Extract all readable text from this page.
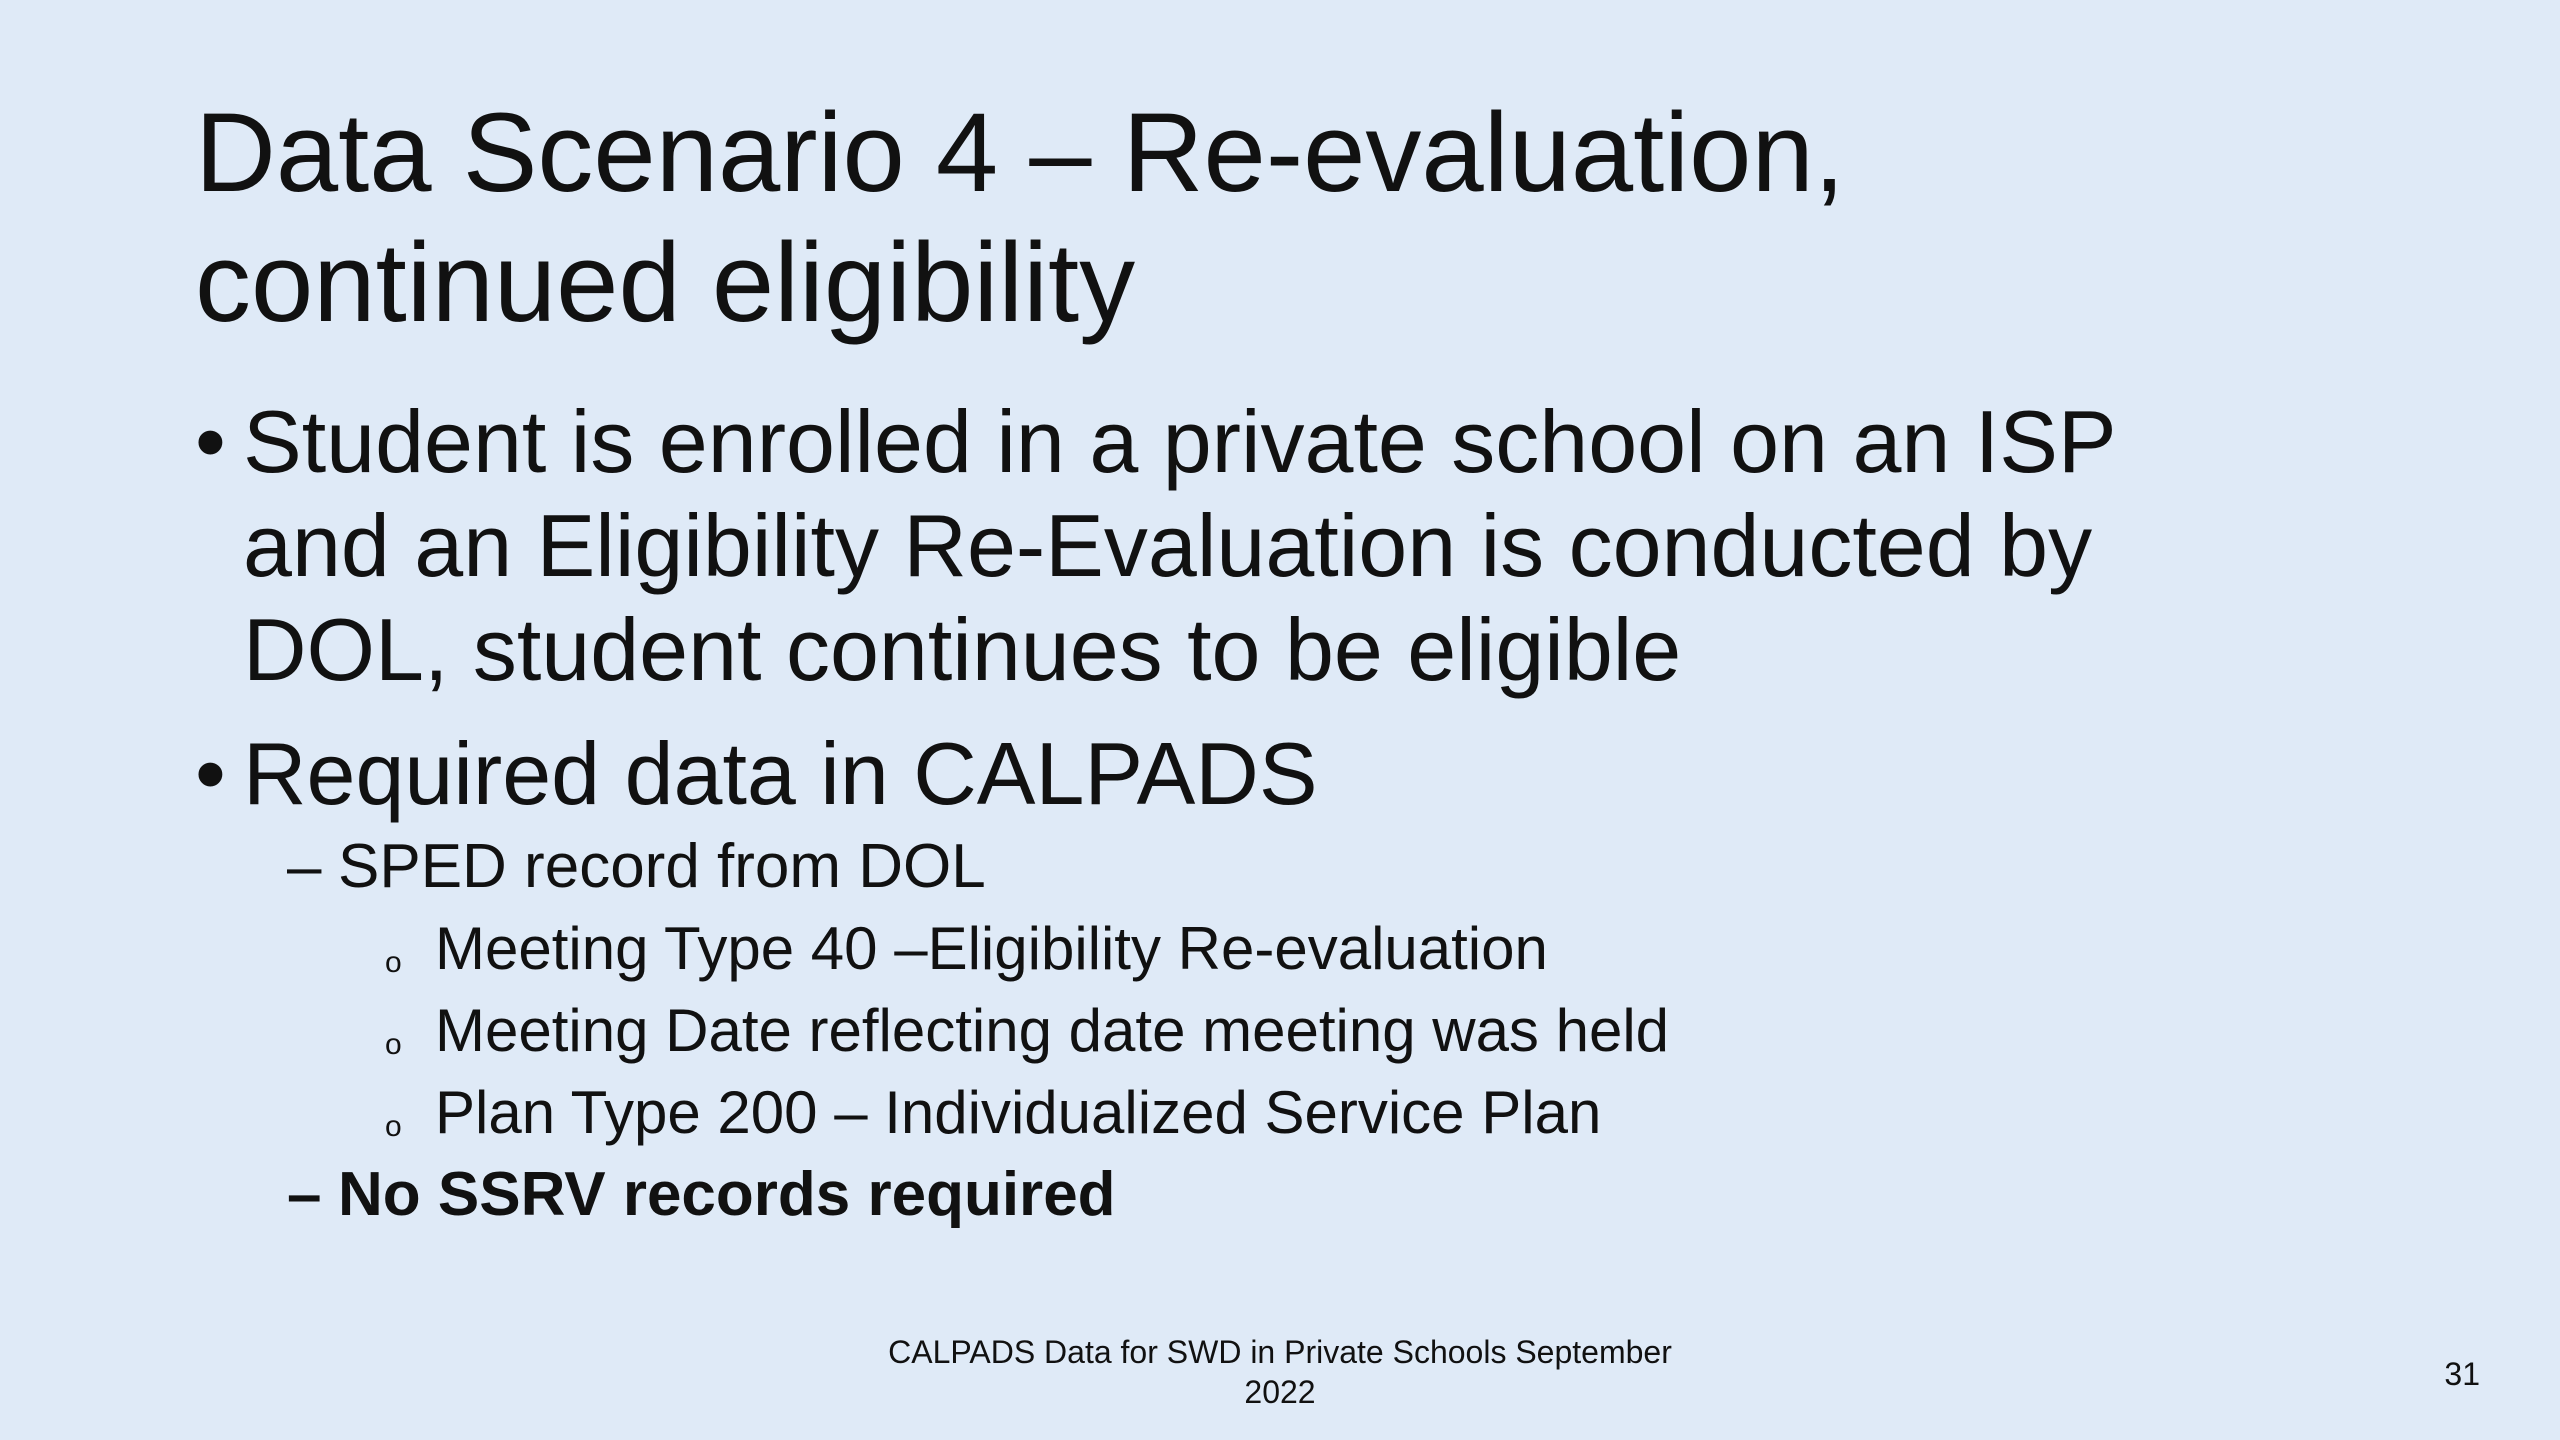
Data Scenario 4 – Re-evaluation,
continued eligibility
• Student is enrolled in a private school on an ISP
and an Eligibility Re-Evaluation is conducted by
DOL, student continues to be eligible
• Required data in CALPADS
– SPED record from DOL
o Meeting Type 40 –Eligibility Re-evaluation
o Meeting Date reflecting date meeting was held
o Plan Type 200 – Individualized Service Plan
– No SSRV records required
CALPADS Data for SWD in Private Schools September
2022	31
